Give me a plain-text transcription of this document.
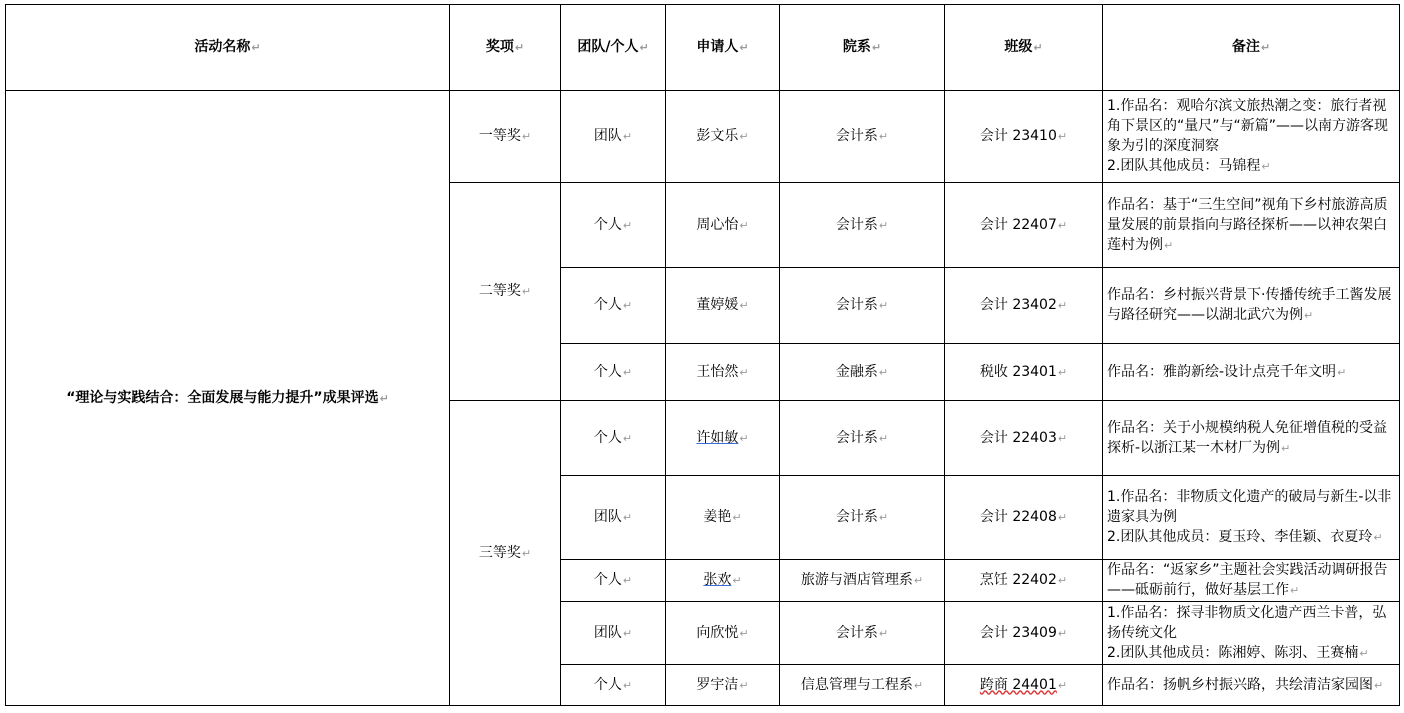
活动名称↵	奖项↵	团队/个人↵	申请人↵	院系↵	班级↵	备注↵
“理论与实践结合：全面发展与能力提升”成果评选↵	一等奖↵	团队↵	彭文乐↵	会计系↵	会计 23410↵	1.作品名：观哈尔滨文旅热潮之变：旅行者视角下景区的“量尺”与“新篇”——以南方游客现象为引的深度洞察
2.团队其他成员：马锦程↵

	二等奖↵	个人↵	周心怡↵	会计系↵	会计 22407↵	作品名：基于“三生空间”视角下乡村旅游高质量发展的前景指向与路径探析——以神农架白莲村为例↵
		个人↵	董婷媛↵	会计系↵	会计 23402↵	作品名：乡村振兴背景下·传播传统手工酱发展与路径研究——以湖北武穴为例↵
		个人↵	王怡然↵	金融系↵	税收 23401↵	作品名：雅韵新绘-设计点亮千年文明↵
	三等奖↵	个人↵	许如敏↵	会计系↵	会计 22403↵	作品名：关于小规模纳税人免征增值税的受益探析-以浙江某一木材厂为例↵
		团队↵	姜艳↵	会计系↵	会计 22408↵	1.作品名：非物质文化遗产的破局与新生-以非遗家具为例
2.团队其他成员：夏玉玲、李佳颖、衣夏玲↵

		个人↵	张欢↵	旅游与酒店管理系↵	烹饪 22402↵	作品名：“返家乡”主题社会实践活动调研报告——砥砺前行，做好基层工作↵
		团队↵	向欣悦↵	会计系↵	会计 23409↵	1.作品名：探寻非物质文化遗产西兰卡普，弘扬传统文化
2.团队其他成员：陈湘婷、陈羽、王赛楠↵

		个人↵	罗宇洁↵	信息管理与工程系↵	跨商 24401↵	作品名：扬帆乡村振兴路，共绘清洁家园图↵
